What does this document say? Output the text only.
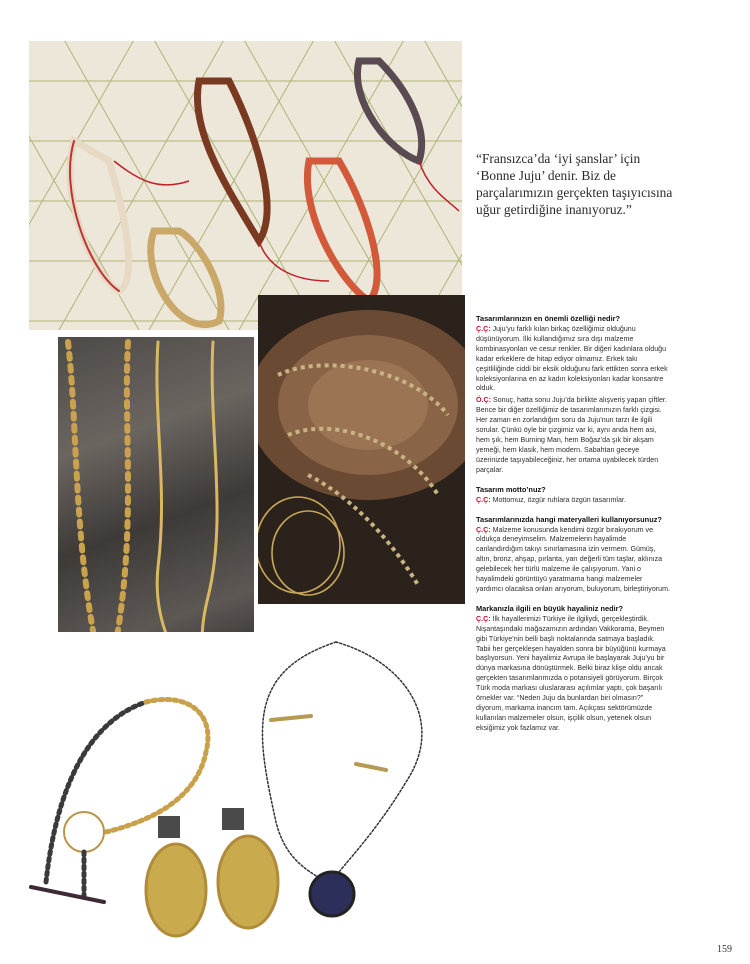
“Fransızca’da ‘iyi şanslar’ için ‘Bonne Juju’ denir. Biz de parçalarımızın gerçekten taşıyıcısına uğur getirdiğine inanıyoruz.”

Tasarımlarınızın en önemli özelliği nedir?

Ç.Ç: Juju’yu farklı kılan birkaç özelliğimiz olduğunu düşünüyorum. İlki kullandığımız sıra dışı malzeme kombinasyonları ve cesur renkler. Bir diğeri kadınlara olduğu kadar erkeklere de hitap ediyor olmamız. Erkek takı çeşitliliğinde ciddi bir eksik olduğunu fark ettikten sonra erkek koleksiyonlarına en az kadın koleksiyonları kadar konsantre olduk.

Ö.Ç: Sonuç, hatta sonu Juju’da birlikte alışveriş yapan çiftler. Bence bir diğer özelliğimiz de tasarımlarımızın farklı çizgisi. Her zaman en zorlandığım soru da Juju’nun tarzı ile ilgili sorular. Çünkü öyle bir çizgimiz var ki, aynı anda hem asi, hem şık, hem Burning Man, hem Boğaz’da şık bir akşam yemeği, hem klasik, hem modern. Sabahtan geceye üzerinizde taşıyabileceğiniz, her ortama uyabilecek türden parçalar.

Tasarım motto’nuz?

Ç.Ç: Mottomuz, özgür ruhlara özgün tasarımlar.

Tasarımlarınızda hangi materyalleri kullanıyorsunuz?

Ç.Ç: Malzeme konusunda kendimi özgür bırakıyorum ve oldukça deneyimselim. Malzemelerin hayalimde canlandırdığım takıyı sınırlamasına izin vermem. Gümüş, altın, bronz, ahşap, pırlanta, yarı değerli tüm taşlar, aklınıza gelebilecek her türlü malzeme ile çalışıyorum. Yani o hayalimdeki görüntüyü yaratmama hangi malzemeler yardımcı olacaksa onları arıyorum, buluyorum, birleştiriyorum.

Markanızla ilgili en büyük hayaliniz nedir?

Ç.Ç: İlk hayallerimizi Türkiye ile ilgiliydi, gerçekleştirdik. Nişantaşındaki mağazamızın ardından Vakkorama, Beymen gibi Türkiye’nin belli başlı noktalarında satmaya başladık. Tabii her gerçekleşen hayalden sonra bir büyüğünü kurmaya başlıyorsun. Yeni hayalimiz Avrupa ile başlayarak Juju’yu bir dünya markasına dönüştürmek. Belki biraz klişe oldu ancak gerçekten tasarımlarımızda o potansiyeli görüyorum. Birçok Türk moda markası uluslararası açılımlar yaptı, çok başarılı örnekler var. “Neden Juju da bunlardan biri olmasın?” diyorum, markama inancım tam. Açıkçası sektörümüzde kullanılan malzemeler olsun, işçilik olsun, yetenek olsun eksiğimiz yok fazlamız var.

159
